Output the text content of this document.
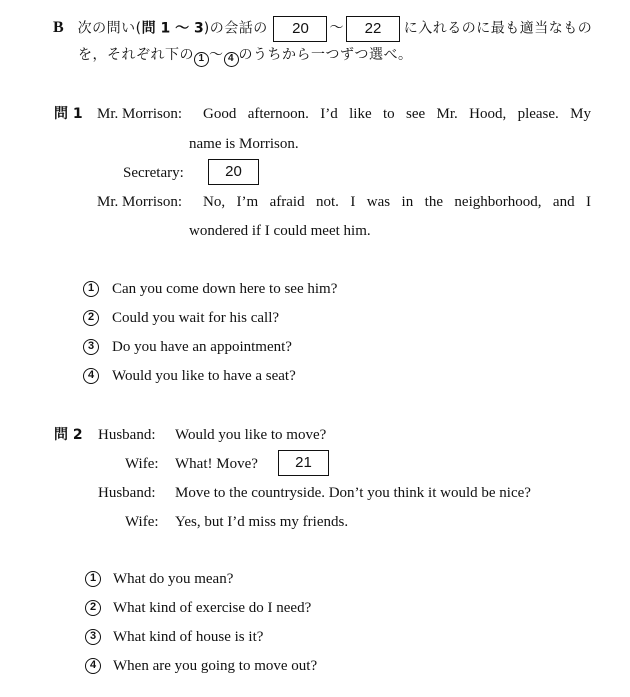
B 次の問い(問 1 ～ 3)の会話の 20 ～ 22 に入れるのに最も適当なもの
を，それぞれ下の 1 ～ 4 のうちから一つずつ選べ。
問 1 Mr. Morrison: Good afternoon. I’d like to see Mr. Hood, please. My
name is Morrison.
Secretary:	20
Mr. Morrison: No, I’m afraid not. I was in the neighborhood, and I
wondered if I could meet him.
1	Can you come down here to see him?
2	Could you wait for his call?
3	Do you have an appointment?
4	Would you like to have a seat?
問 2 Husband: Would you like to move?
Wife: What! Move?	21
Husband: Move to the countryside. Don’t you think it would be nice?
Wife: Yes, but I’d miss my friends.
1	What do you mean?
2	What kind of exercise do I need?
3	What kind of house is it?
4	When are you going to move out?
